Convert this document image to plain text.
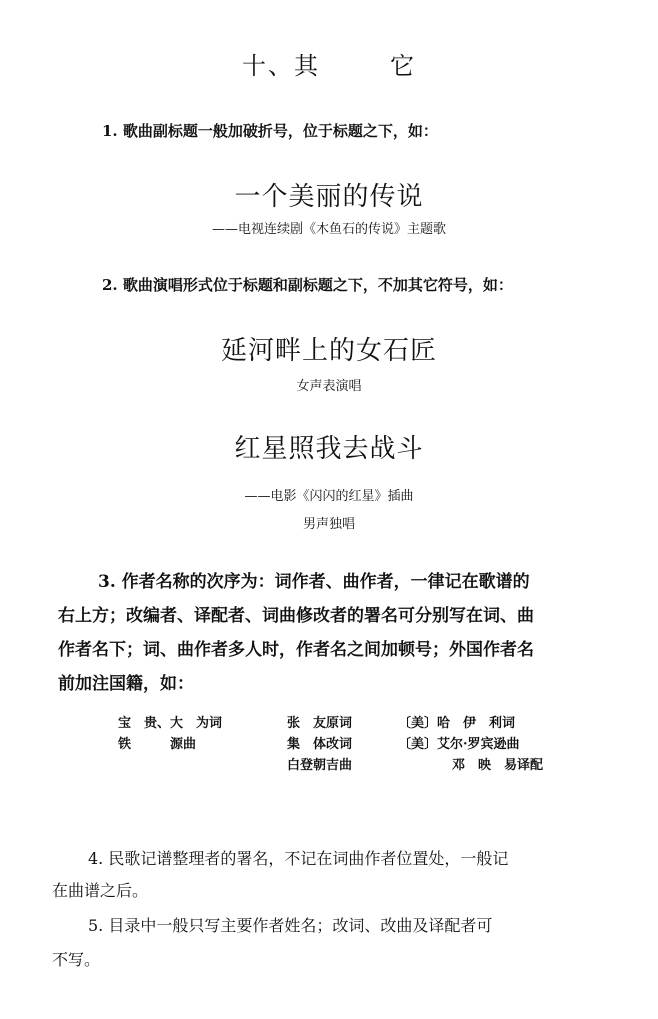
十、其	它
1. 歌曲副标题一般加破折号，位于标题之下，如：
一个美丽的传说
——电视连续剧《木鱼石的传说》主题歌
2. 歌曲演唱形式位于标题和副标题之下，不加其它符号，如：
延河畔上的女石匠
女声表演唱
红星照我去战斗
——电影《闪闪的红星》插曲
男声独唱
3. 作者名称的次序为：词作者、曲作者，一律记在歌谱的
右上方；改编者、译配者、词曲修改者的署名可分别写在词、曲
作者名下；词、曲作者多人时，作者名之间加顿号；外国作者名
前加注国籍，如：
宝　贵、大　为词
铁　　　源曲
张　友原词
集　体改词
白登朝吉曲
〔美〕哈　伊　利词
〔美〕艾尔·罗宾逊曲
邓　映　易译配
4. 民歌记谱整理者的署名，不记在词曲作者位置处，一般记
在曲谱之后。
5. 目录中一般只写主要作者姓名；改词、改曲及译配者可
不写。
